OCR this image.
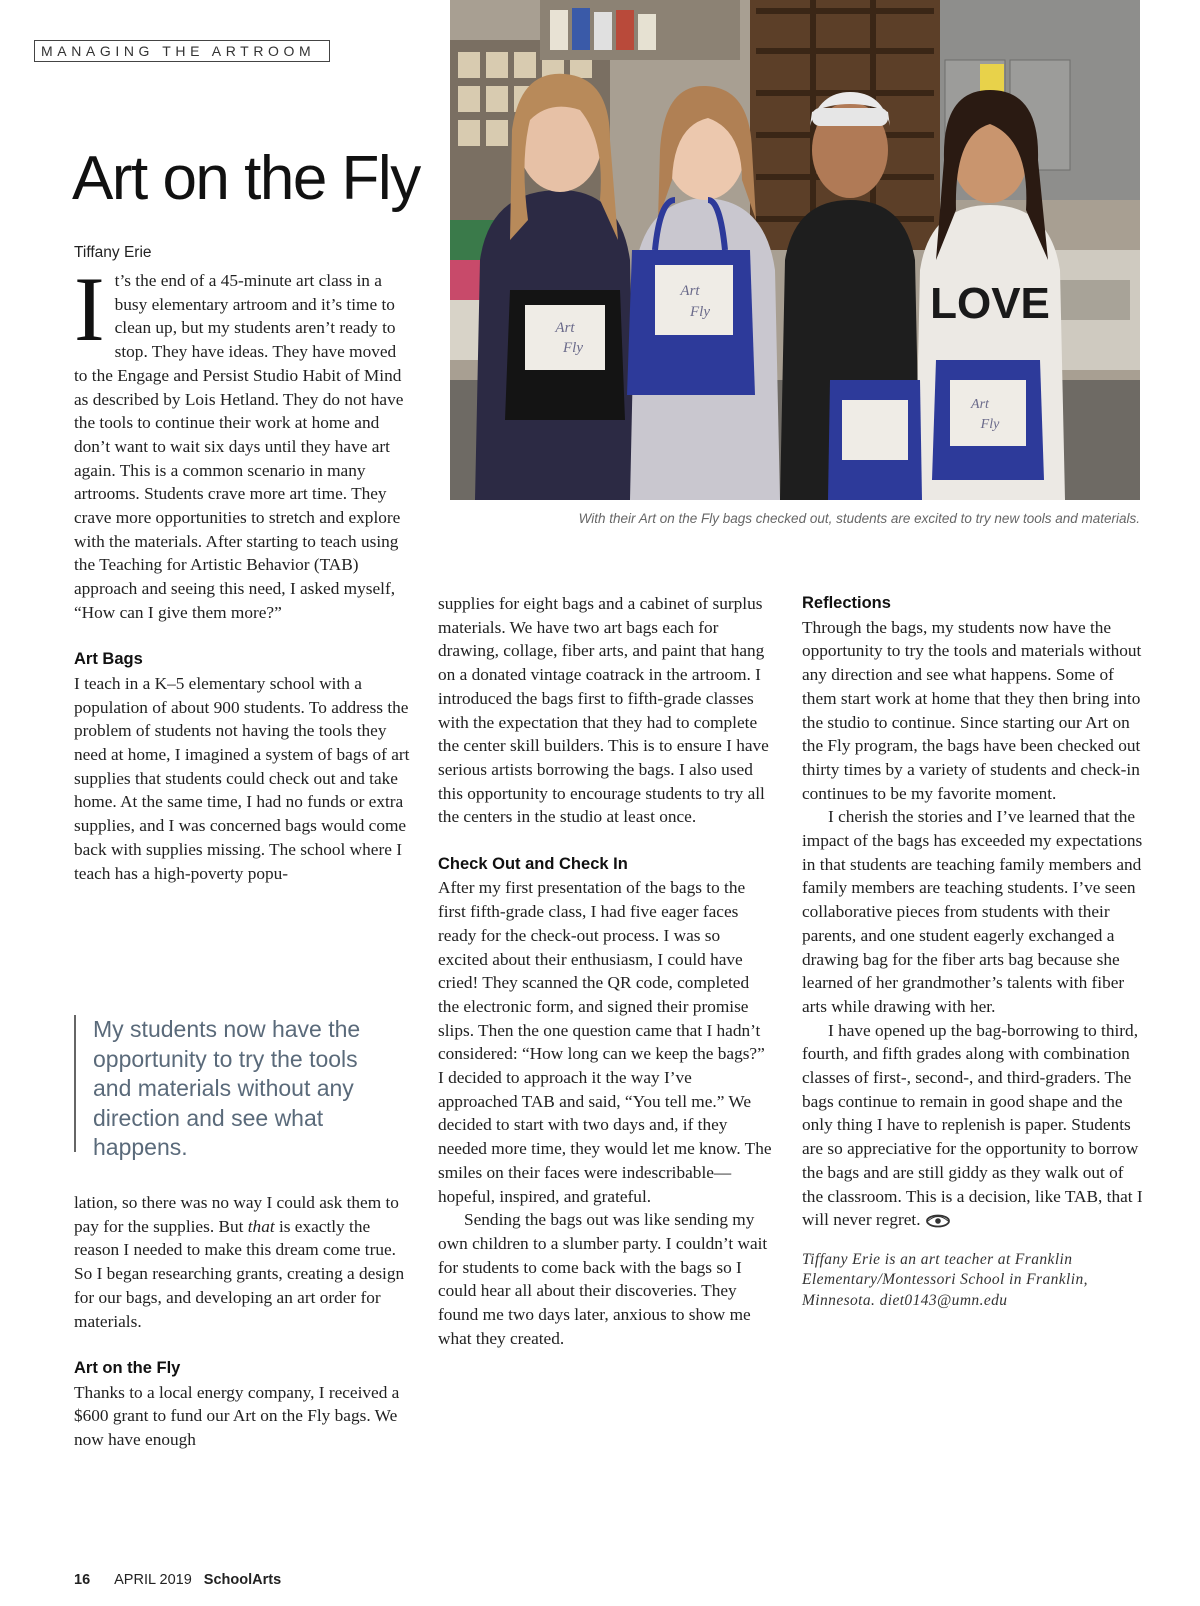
MANAGING THE ARTROOM
Art on the Fly
Tiffany Erie

It’s the end of a 45-minute art class in a busy elementary artroom and it’s time to clean up, but my students aren’t ready to stop. They have ideas. They have moved to the Engage and Persist Studio Habit of Mind as described by Lois Hetland. They do not have the tools to continue their work at home and don’t want to wait six days until they have art again. This is a common scenario in many artrooms. Students crave more art time. They crave more opportunities to stretch and explore with the materials. After starting to teach using the Teaching for Artistic Behavior (TAB) approach and seeing this need, I asked myself, “How can I give them more?”

Art Bags

I teach in a K–5 elementary school with a population of about 900 students. To address the problem of students not having the tools they need at home, I imagined a system of bags of art supplies that students could check out and take home. At the same time, I had no funds or extra supplies, and I was concerned bags would come back with supplies missing. The school where I teach has a high-poverty popu-

My students now have the
opportunity to try the tools
and materials without any
direction and see what
happens.

lation, so there was no way I could ask them to pay for the supplies. But that is exactly the reason I needed to make this dream come true. So I began researching grants, creating a design for our bags, and developing an art order for materials.

Art on the Fly

Thanks to a local energy company, I received a $600 grant to fund our Art on the Fly bags. We now have enough

supplies for eight bags and a cabinet of surplus materials. We have two art bags each for drawing, collage, fiber arts, and paint that hang on a donated vintage coatrack in the artroom. I introduced the bags first to fifth-grade classes with the expectation that they had to complete the center skill builders. This is to ensure I have serious artists borrowing the bags. I also used this opportunity to encourage students to try all the centers in the studio at least once.

Check Out and Check In

After my first presentation of the bags to the first fifth-grade class, I had five eager faces ready for the check-out process. I was so excited about their enthusiasm, I could have cried! They scanned the QR code, completed the electronic form, and signed their promise slips. Then the one question came that I hadn’t considered: “How long can we keep the bags?” I decided to approach it the way I’ve approached TAB and said, “You tell me.” We decided to start with two days and, if they needed more time, they would let me know. The smiles on their faces were indescribable—hopeful, inspired, and grateful.

Sending the bags out was like sending my own children to a slumber party. I couldn’t wait for students to come back with the bags so I could hear all about their discoveries. They found me two days later, anxious to show me what they created.

Reflections

Through the bags, my students now have the opportunity to try the tools and materials without any direction and see what happens. Some of them start work at home that they then bring into the studio to continue. Since starting our Art on the Fly program, the bags have been checked out thirty times by a variety of students and check-in continues to be my favorite moment.

I cherish the stories and I’ve learned that the impact of the bags has exceeded my expectations in that students are teaching family members and family members are teaching students. I’ve seen collaborative pieces from students with their parents, and one student eagerly exchanged a drawing bag for the fiber arts bag because she learned of her grandmother’s talents with fiber arts while drawing with her.

I have opened up the bag-borrowing to third, fourth, and fifth grades along with combination classes of first-, second-, and third-graders. The bags continue to remain in good shape and the only thing I have to replenish is paper. Students are so appreciative for the opportunity to borrow the bags and are still giddy as they walk out of the classroom. This is a decision, like TAB, that I will never regret.

Tiffany Erie is an art teacher at Franklin Elementary/Montessori School in Franklin, Minnesota. diet0143@umn.edu

LOVE
Art
Fly
Art
Fly
Art
Fly
With their Art on the Fly bags checked out, students are excited to try new tools and materials.
16 APRIL 2019 SchoolArts
